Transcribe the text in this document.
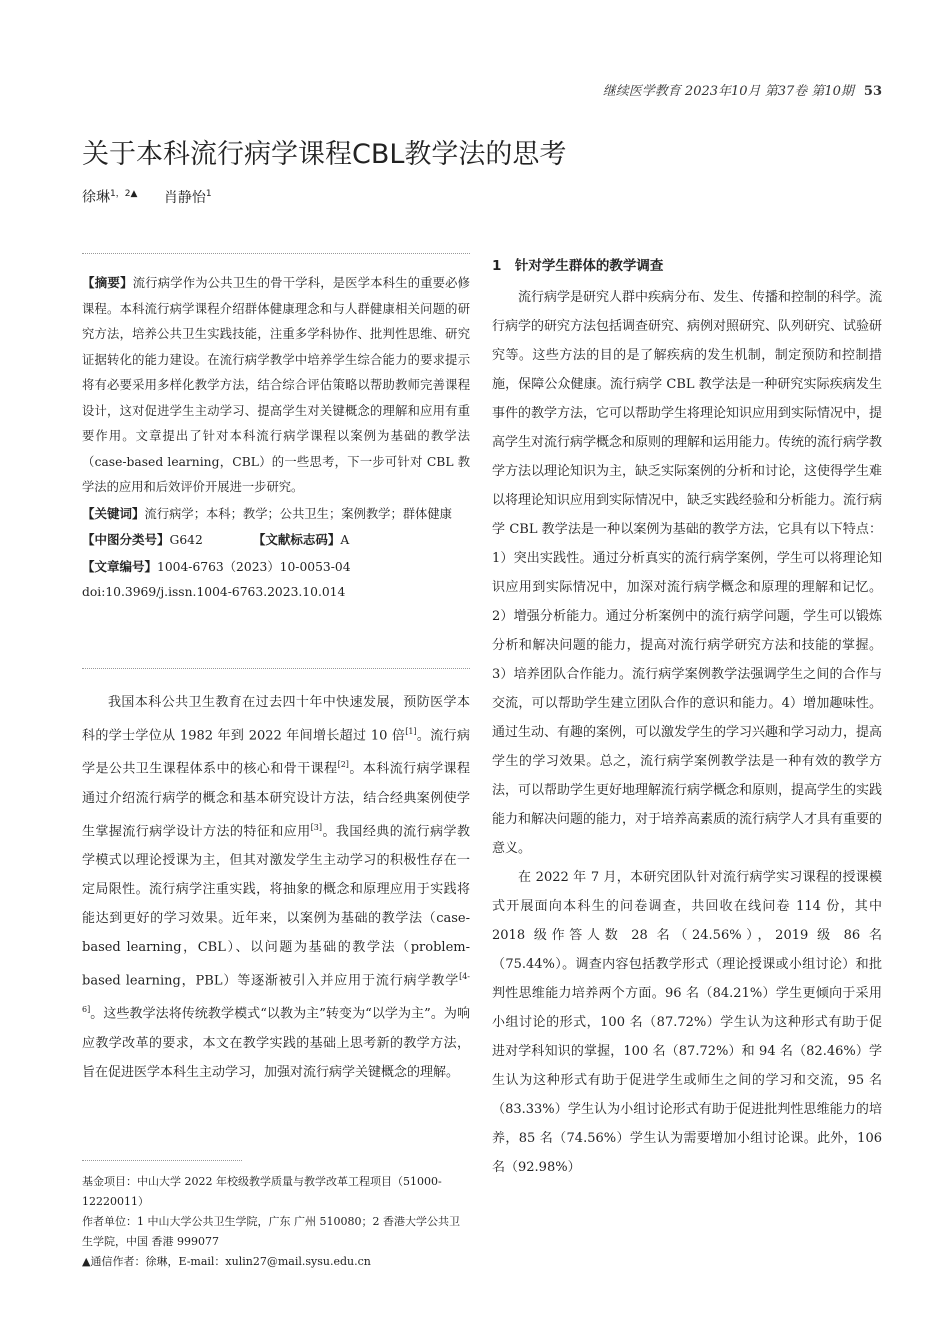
继续医学教育 2023年10月 第37卷 第10期 53
关于本科流行病学课程CBL教学法的思考
徐琳$^{1,2▲}$ 肖静怡$^1$
【摘要】流行病学作为公共卫生的骨干学科，是医学本科生的重要必修课程。本科流行病学课程介绍群体健康理念和与人群健康相关问题的研究方法，培养公共卫生实践技能，注重多学科协作、批判性思维、研究证据转化的能力建设。在流行病学教学中培养学生综合能力的要求提示将有必要采用多样化教学方法，结合综合评估策略以帮助教师完善课程设计，这对促进学生主动学习、提高学生对关键概念的理解和应用有重要作用。文章提出了针对本科流行病学课程以案例为基础的教学法（case-based learning，CBL）的一些思考，下一步可针对 CBL 教学法的应用和后效评价开展进一步研究。
【关键词】流行病学；本科；教学；公共卫生；案例教学；群体健康
【中图分类号】G642	【文献标志码】A
【文章编号】1004-6763（2023）10-0053-04
doi:10.3969/j.issn.1004-6763.2023.10.014

我国本科公共卫生教育在过去四十年中快速发展，预防医学本科的学士学位从 1982 年到 2022 年间增长超过 10 倍[1]。流行病学是公共卫生课程体系中的核心和骨干课程[2]。本科流行病学课程通过介绍流行病学的概念和基本研究设计方法，结合经典案例使学生掌握流行病学设计方法的特征和应用[3]。我国经典的流行病学教学模式以理论授课为主，但其对激发学生主动学习的积极性存在一定局限性。流行病学注重实践，将抽象的概念和原理应用于实践将能达到更好的学习效果。近年来，以案例为基础的教学法（case-based learning，CBL）、以问题为基础的教学法（problem-based learning，PBL）等逐渐被引入并应用于流行病学教学[4-6]。这些教学法将传统教学模式“以教为主”转变为“以学为主”。为响应教学改革的要求，本文在教学实践的基础上思考新的教学方法，旨在促进医学本科生主动学习，加强对流行病学关键概念的理解。

基金项目：中山大学 2022 年校级教学质量与教学改革工程项目（51000-12220011）
作者单位：1 中山大学公共卫生学院，广东 广州 510080；2 香港大学公共卫生学院，中国 香港 999077
▲通信作者：徐琳，E-mail：xulin27@mail.sysu.edu.cn
1　针对学生群体的教学调查

流行病学是研究人群中疾病分布、发生、传播和控制的科学。流行病学的研究方法包括调查研究、病例对照研究、队列研究、试验研究等。这些方法的目的是了解疾病的发生机制，制定预防和控制措施，保障公众健康。流行病学 CBL 教学法是一种研究实际疾病发生事件的教学方法，它可以帮助学生将理论知识应用到实际情况中，提高学生对流行病学概念和原则的理解和运用能力。传统的流行病学教学方法以理论知识为主，缺乏实际案例的分析和讨论，这使得学生难以将理论知识应用到实际情况中，缺乏实践经验和分析能力。流行病学 CBL 教学法是一种以案例为基础的教学方法，它具有以下特点：1）突出实践性。通过分析真实的流行病学案例，学生可以将理论知识应用到实际情况中，加深对流行病学概念和原理的理解和记忆。2）增强分析能力。通过分析案例中的流行病学问题，学生可以锻炼分析和解决问题的能力，提高对流行病学研究方法和技能的掌握。3）培养团队合作能力。流行病学案例教学法强调学生之间的合作与交流，可以帮助学生建立团队合作的意识和能力。4）增加趣味性。通过生动、有趣的案例，可以激发学生的学习兴趣和学习动力，提高学生的学习效果。总之，流行病学案例教学法是一种有效的教学方法，可以帮助学生更好地理解流行病学概念和原则，提高学生的实践能力和解决问题的能力，对于培养高素质的流行病学人才具有重要的意义。

在 2022 年 7 月，本研究团队针对流行病学实习课程的授课模式开展面向本科生的问卷调查，共回收在线问卷 114 份，其中 2018 级作答人数 28 名（24.56%），2019 级 86 名（75.44%）。调查内容包括教学形式（理论授课或小组讨论）和批判性思维能力培养两个方面。96 名（84.21%）学生更倾向于采用小组讨论的形式，100 名（87.72%）学生认为这种形式有助于促进对学科知识的掌握，100 名（87.72%）和 94 名（82.46%）学生认为这种形式有助于促进学生或师生之间的学习和交流，95 名（83.33%）学生认为小组讨论形式有助于促进批判性思维能力的培养，85 名（74.56%）学生认为需要增加小组讨论课。此外，106 名（92.98%）
